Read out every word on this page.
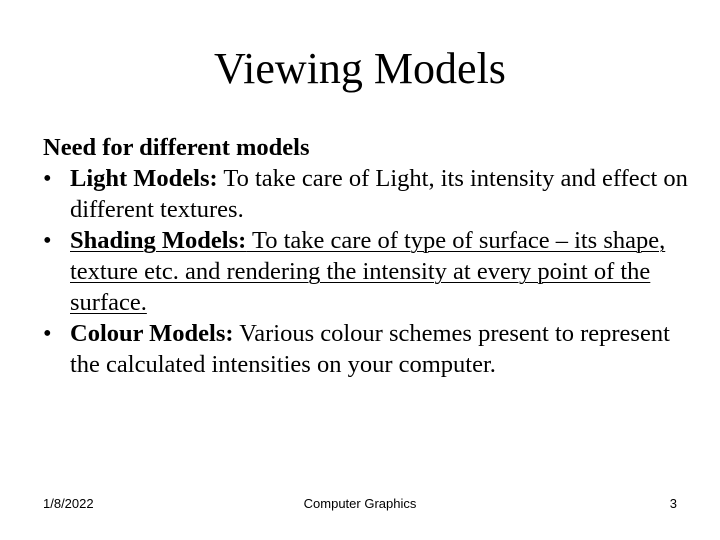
Viewing Models
Need for different models
• Light Models: To take care of Light, its intensity and effect on different textures.
• Shading Models: To take care of type of surface – its shape, texture etc. and rendering the intensity at every point of the surface.
• Colour Models: Various colour schemes present to represent the calculated intensities on your computer.
1/8/2022	Computer Graphics	3
